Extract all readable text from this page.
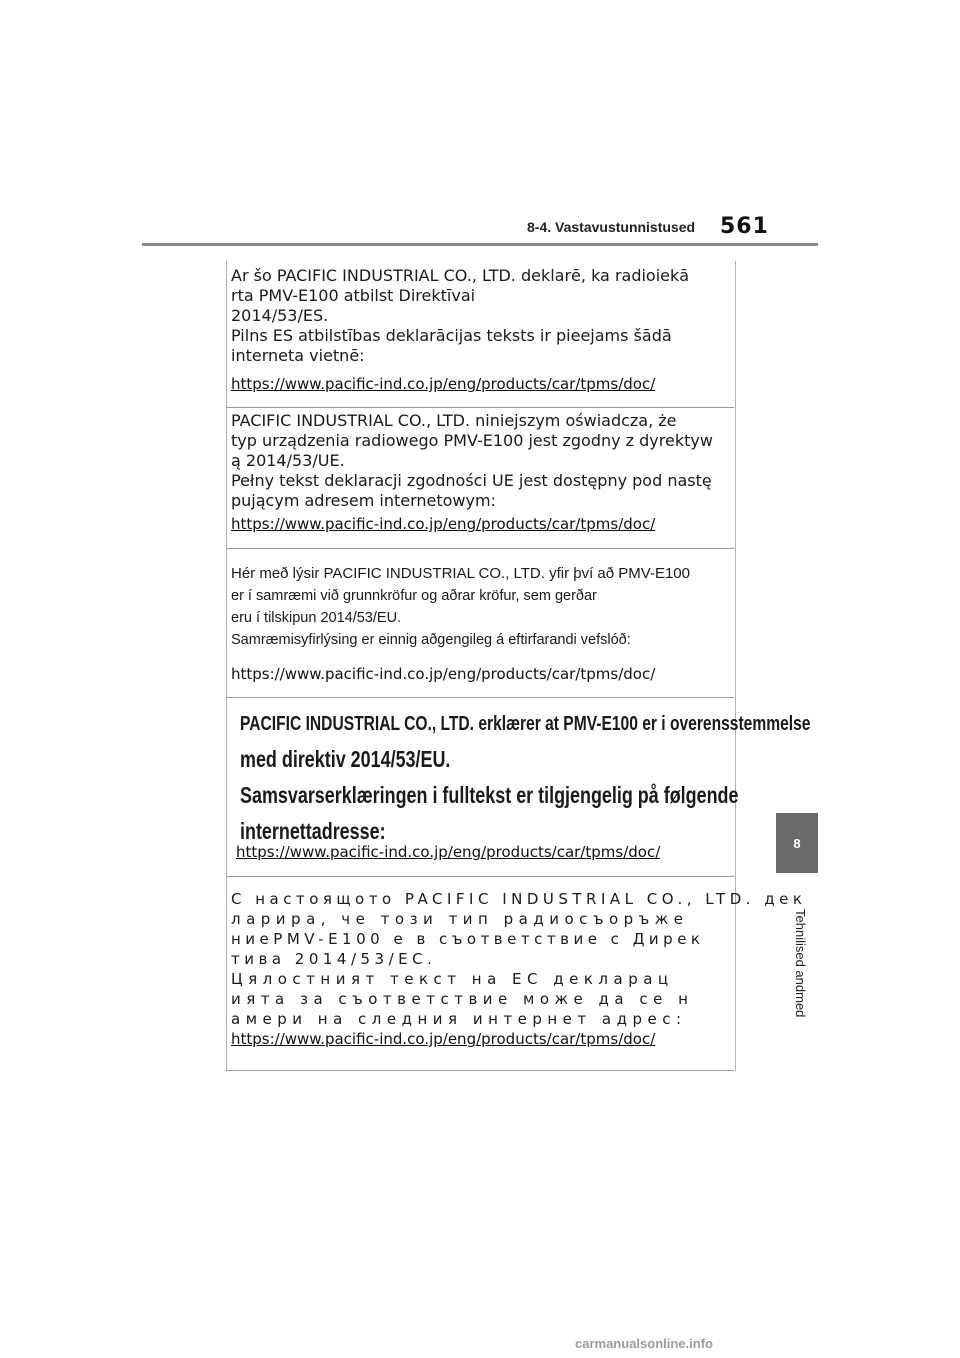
8-4. Vastavustunnistused 561
8
Tehnilised andmed
Ar šo PACIFIC INDUSTRIAL CO., LTD. deklarē, ka radioiekā
rta PMV-E100 atbilst Direktīvai
2014/53/ES.
Pilns ES atbilstības deklarācijas teksts ir pieejams šādā
interneta vietnē:
https://www.pacific-ind.co.jp/eng/products/car/tpms/doc/
PACIFIC INDUSTRIAL CO., LTD. niniejszym oświadcza, że
typ urządzenia radiowego PMV-E100 jest zgodny z dyrektyw
ą 2014/53/UE.
Pełny tekst deklaracji zgodności UE jest dostępny pod nastę
pującym adresem internetowym:
https://www.pacific-ind.co.jp/eng/products/car/tpms/doc/
Hér með lýsir PACIFIC INDUSTRIAL CO., LTD. yfir því að PMV-E100
er í samræmi við grunnkröfur og aðrar kröfur, sem gerðar
eru í tilskipun 2014/53/EU.
Samræmisyfirlýsing er einnig aðgengileg á eftirfarandi vefslóð:
https://www.pacific-ind.co.jp/eng/products/car/tpms/doc/
PACIFIC INDUSTRIAL CO., LTD. erklærer at PMV-E100 er i overensstemmelse
med direktiv 2014/53/EU.
Samsvarserklæringen i fulltekst er tilgjengelig på følgende
internettadresse:
https://www.pacific-ind.co.jp/eng/products/car/tpms/doc/
С настоящото PACIFIC INDUSTRIAL CO., LTD. дек
ларира, че този тип радиосъоръже
ниеPMV-E100 е в съответствие с Дирек
тива 2014/53/ЕС.
Цялостният текст на ЕС декларац
ията за съответствие може да се н
амери на следния интернет адрес:
https://www.pacific-ind.co.jp/eng/products/car/tpms/doc/
carmanualsonline.info
